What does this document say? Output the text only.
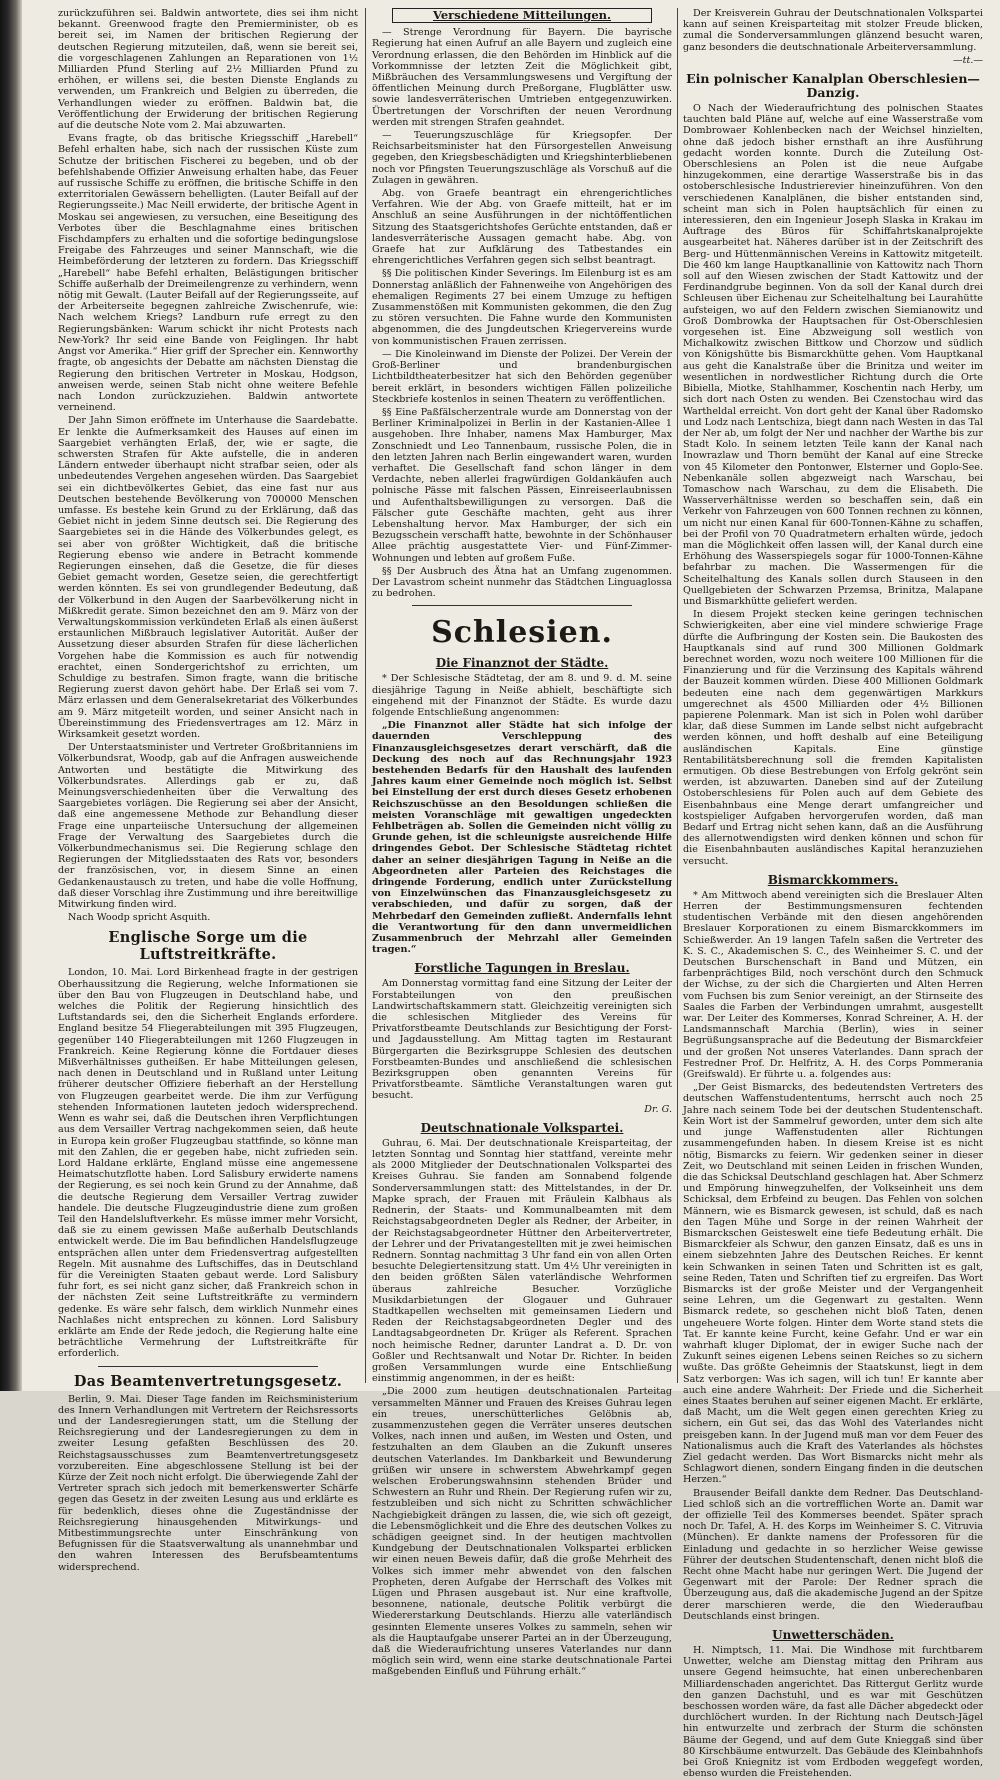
zurückzuführen sei. Baldwin antwortete, dies sei ihm nicht bekannt. Greenwood fragte den Premierminister, ob es bereit sei, im Namen der britischen Regierung der deutschen Regierung mitzuteilen, daß, wenn sie bereit sei, die vorgeschlagenen Zahlungen an Reparationen von 1½ Milliarden Pfund Sterling auf 2½ Milliarden Pfund zu erhöhen, er willens sei, die besten Dienste Englands zu verwenden, um Frankreich und Belgien zu überreden, die Verhandlungen wieder zu eröffnen. Baldwin bat, die Veröffentlichung der Erwiderung der britischen Regierung auf die deutsche Note vom 2. Mai abzuwarten.

Evans fragte, ob das britische Kriegsschiff „Harebell“ Befehl erhalten habe, sich nach der russischen Küste zum Schutze der britischen Fischerei zu begeben, und ob der befehlshabende Offizier Anweisung erhalten habe, das Feuer auf russische Schiffe zu eröffnen, die britische Schiffe in den exterritorialen Gewässern behelligten. (Lauter Beifall auf der Regierungsseite.) Mac Neill erwiderte, der britische Agent in Moskau sei angewiesen, zu versuchen, eine Beseitigung des Verbotes über die Beschlagnahme eines britischen Fischdampfers zu erhalten und die sofortige bedingungslose Freigabe des Fahrzeuges und seiner Mannschaft, wie die Heimbeförderung der letzteren zu fordern. Das Kriegsschiff „Harebell“ habe Befehl erhalten, Belästigungen britischer Schiffe außerhalb der Dreimeilengrenze zu verhindern, wenn nötig mit Gewalt. (Lauter Beifall auf der Regierungsseite, auf der Arbeiterseite begegnen zahlreiche Zwischenrufe, wie: Nach welchem Kriegs? Landburn rufe erregt zu den Regierungsbänken: Warum schickt ihr nicht Protests nach New-York? Ihr seid eine Bande von Feiglingen. Ihr habt Angst vor Amerika.“ Hier griff der Sprecher ein. Kennworthy fragte, ob angesichts der Debatte am nächsten Dienstag die Regierung den britischen Vertreter in Moskau, Hodgson, anweisen werde, seinen Stab nicht ohne weitere Befehle nach London zurückzuziehen. Baldwin antwortete verneinend.

Der Jahn Simon eröffnete im Unterhause die Saardebatte. Er lenkte die Aufmerksamkeit des Hauses auf einen im Saargebiet verhängten Erlaß, der, wie er sagte, die schwersten Strafen für Akte aufstelle, die in anderen Ländern entweder überhaupt nicht strafbar seien, oder als unbedeutendes Vergehen angesehen würden. Das Saargebiet sei ein dichtbevölkertes Gebiet, das eine fast nur aus Deutschen bestehende Bevölkerung von 700000 Menschen umfasse. Es bestehe kein Grund zu der Erklärung, daß das Gebiet nicht in jedem Sinne deutsch sei. Die Regierung des Saargebietes sei in die Hände des Völkerbundes gelegt, es sei aber von größter Wichtigkeit, daß die britische Regierung ebenso wie andere in Betracht kommende Regierungen einsehen, daß die Gesetze, die für dieses Gebiet gemacht worden, Gesetze seien, die gerechtfertigt werden könnten. Es sei von grundlegender Bedeutung, daß der Völkerbund in den Augen der Saarbevölkerung nicht in Mißkredit gerate. Simon bezeichnet den am 9. März von der Verwaltungskommission verkündeten Erlaß als einen äußerst erstaunlichen Mißbrauch legislativer Autorität. Außer der Aussetzung dieser absurden Strafen für diese lächerlichen Vorgehen habe die Kommission es auch für notwendig erachtet, einen Sondergerichtshof zu errichten, um Schuldige zu bestrafen. Simon fragte, wann die britische Regierung zuerst davon gehört habe. Der Erlaß sei vom 7. März erlassen und dem Generalsekretariat des Völkerbundes am 9. März mitgeteilt worden, und seiner Ansicht nach in Übereinstimmung des Friedensvertrages am 12. März in Wirksamkeit gesetzt worden.

Der Unterstaatsminister und Vertreter Großbritanniens im Völkerbundsrat, Woodp, gab auf die Anfragen ausweichende Antworten und bestätigte die Mitwirkung des Völkerbundsrates. Allerdings gab er zu, daß Meinungsverschiedenheiten über die Verwaltung des Saargebietes vorlägen. Die Regierung sei aber der Ansicht, daß eine angemessene Methode zur Behandlung dieser Frage eine unparteiische Untersuchung der allgemeinen Frage der Verwaltung des Saargebietes durch die Völkerbundmechanismus sei. Die Regierung schlage den Regierungen der Mitgliedsstaaten des Rats vor, besonders der französischen, vor, in diesem Sinne an einen Gedankenaustausch zu treten, und habe die volle Hoffnung, daß dieser Vorschlag ihre Zustimmung und ihre bereitwillige Mitwirkung finden wird.

Nach Woodp spricht Asquith.

Englische Sorge um die Luftstreitkräfte.

London, 10. Mai. Lord Birkenhead fragte in der gestrigen Oberhaussitzung die Regierung, welche Informationen sie über den Bau von Flugzeugen in Deutschland habe, und welches die Politik der Regierung hinsichtlich des Luftstandards sei, den die Sicherheit Englands erfordere. England besitze 54 Fliegerabteilungen mit 395 Flugzeugen, gegenüber 140 Fliegerabteilungen mit 1260 Flugzeugen in Frankreich. Keine Regierung könne die Fortdauer dieses Mißverhältnisses gutheißen. Er habe Mitteilungen gelesen, nach denen in Deutschland und in Rußland unter Leitung früherer deutscher Offiziere fieberhaft an der Herstellung von Flugzeugen gearbeitet werde. Die ihm zur Verfügung stehenden Informationen lauteten jedoch widersprechend. Wenn es wahr sei, daß die Deutschen ihren Verpflichtungen aus dem Versailler Vertrag nachgekommen seien, daß heute in Europa kein großer Flugzeugbau stattfinde, so könne man mit den Zahlen, die er gegeben habe, nicht zufrieden sein. Lord Haldane erklärte, England müsse eine angemessene Heimatschutzflotte haben. Lord Salisbury erwiderte namens der Regierung, es sei noch kein Grund zu der Annahme, daß die deutsche Regierung dem Versailler Vertrag zuwider handele. Die deutsche Flugzeugindustrie diene zum großen Teil den Handelsluftverkehr. Es müsse immer mehr Vorsicht, daß sie zu einem gewissen Maße außerhalb Deutschlands entwickelt werde. Die im Bau befindlichen Handelsflugzeuge entsprächen allen unter dem Friedensvertrag aufgestellten Regeln. Mit ausnahme des Luftschiffes, das in Deutschland für die Vereinigten Staaten gebaut werde. Lord Salisbury fuhr fort, es sei nicht ganz sicher, daß Frankreich schon in der nächsten Zeit seine Luftstreitkräfte zu vermindern gedenke. Es wäre sehr falsch, dem wirklich Nunmehr eines Nachlaßes nicht entsprechen zu können. Lord Salisbury erklärte am Ende der Rede jedoch, die Regierung halte eine beträchtliche Vermehrung der Luftstreitkräfte für erforderlich.

Das Beamtenvertretungsgesetz.

Berlin, 9. Mai. Dieser Tage fanden im Reichsministerium des Innern Verhandlungen mit Vertretern der Reichsressorts und der Landesregierungen statt, um die Stellung der Reichsregierung und der Landesregierungen zu dem in zweiter Lesung gefaßten Beschlüssen des 20. Reichstagsausschusses zum Beamtenvertretungsgesetz vorzubereiten. Eine abgeschlossene Stellung ist bei der Kürze der Zeit noch nicht erfolgt. Die überwiegende Zahl der Vertreter sprach sich jedoch mit bemerkenswerter Schärfe gegen das Gesetz in der zweiten Lesung aus und erklärte es für bedenklich, dieses ohne die Zugeständnisse der Reichsregierung hinausgehenden Mitwirkungs- und Mitbestimmungsrechte unter Einschränkung von Befugnissen für die Staatsverwaltung als unannehmbar und den wahren Interessen des Berufsbeamtentums widersprechend.

Verschiedene Mitteilungen.

— Strenge Verordnung für Bayern. Die bayrische Regierung hat einen Aufruf an alle Bayern und zugleich eine Verordnung erlassen, die den Behörden im Hinblick auf die Vorkommnisse der letzten Zeit die Möglichkeit gibt, Mißbräuchen des Versammlungswesens und Vergiftung der öffentlichen Meinung durch Preßorgane, Flugblätter usw. sowie landesverräterischen Umtrieben entgegenzuwirken. Übertretungen der Vorschriften der neuen Verordnung werden mit strengen Strafen geahndet.

— Teuerungszuschläge für Kriegsopfer. Der Reichsarbeitsminister hat den Fürsorgestellen Anweisung gegeben, den Kriegsbeschädigten und Kriegshinterbliebenen noch vor Pfingsten Teuerungszuschläge als Vorschuß auf die Zulagen in gewähren.

Abg. von Graefe beantragt ein ehrengerichtliches Verfahren. Wie der Abg. von Graefe mitteilt, hat er im Anschluß an seine Ausführungen in der nichtöffentlichen Sitzung des Staatsgerichtshofes Gerüchte entstanden, daß er landesverräterische Aussagen gemacht habe. Abg. von Graefe hat zur Aufklärung des Tatbestandes ein ehrengerichtliches Verfahren gegen sich selbst beantragt.

§§ Die politischen Kinder Severings. Im Eilenburg ist es am Donnerstag anläßlich der Fahnenweihe von Angehörigen des ehemaligen Regiments 27 bei einem Umzuge zu heftigen Zusammenstößen mit Kommunisten gekommen, die den Zug zu stören versuchten. Die Fahne wurde den Kommunisten abgenommen, die des Jungdeutschen Kriegervereins wurde von kommunistischen Frauen zerrissen.

— Die Kinoleinwand im Dienste der Polizei. Der Verein der Groß-Berliner und brandenburgischen Lichtbildtheaterbesitzer hat sich den Behörden gegenüber bereit erklärt, in besonders wichtigen Fällen polizeiliche Steckbriefe kostenlos in seinen Theatern zu veröffentlichen.

§§ Eine Paßfälscherzentrale wurde am Donnerstag von der Berliner Kriminalpolizei in Berlin in der Kastanien-Allee 1 ausgehoben. Ihre Inhaber, namens Max Hamburger, Max Zonschniedt und Leo Tannenbaum, russische Polen, die in den letzten Jahren nach Berlin eingewandert waren, wurden verhaftet. Die Gesellschaft fand schon länger in dem Verdachte, neben allerlei fragwürdigen Goldankäufen auch polnische Pässe mit falschen Pässen, Einreiseerlaubnissen und Aufenthaltsbewilligungen zu versorgen. Daß die Fälscher gute Geschäfte machten, geht aus ihrer Lebenshaltung hervor. Max Hamburger, der sich ein Bezugsschein verschafft hatte, bewohnte in der Schönhauser Allee prächtig ausgestattete Vier- und Fünf-Zimmer-Wohnungen und lebten auf großem Fuße.

§§ Der Ausbruch des Ätna hat an Umfang zugenommen. Der Lavastrom scheint nunmehr das Städtchen Linguaglossa zu bedrohen.

Schlesien.
Die Finanznot der Städte.

* Der Schlesische Städtetag, der am 8. und 9. d. M. seine diesjährige Tagung in Neiße abhielt, beschäftigte sich eingehend mit der Finanznot der Städte. Es wurde dazu folgende Entschließung angenommen:

„Die Finanznot aller Städte hat sich infolge der dauernden Verschleppung des Finanzausgleichsgesetzes derart verschärft, daß die Deckung des noch auf das Rechnungsjahr 1923 bestehenden Bedarfs für den Haushalt des laufenden Jahres kaum einer Gemeinde noch möglich ist. Selbst bei Einstellung der erst durch dieses Gesetz erhobenen Reichszuschüsse an den Besoldungen schließen die meisten Voranschläge mit gewaltigen ungedeckten Fehlbeträgen ab. Sollen die Gemeinden nicht völlig zu Grunde gehen, ist die schleunigste ausreichende Hilfe dringendes Gebot. Der Schlesische Städtetag richtet daher an seiner diesjährigen Tagung in Neiße an die Abgeordneten aller Parteien des Reichstages die dringende Forderung, endlich unter Zurückstellung von Einzelwünschen das Finanzausgleichsgesetz zu verabschieden, und dafür zu sorgen, daß der Mehrbedarf den Gemeinden zufließt. Andernfalls lehnt die Verantwortung für den dann unvermeidlichen Zusammenbruch der Mehrzahl aller Gemeinden tragen.“

Forstliche Tagungen in Breslau.

Am Donnerstag vormittag fand eine Sitzung der Leiter der Forstabteilungen von den preußischen Landwirtschaftskammern statt. Gleichzeitig vereinigten sich die schlesischen Mitglieder des Vereins für Privatforstbeamte Deutschlands zur Besichtigung der Forst- und Jagdausstellung. Am Mittag tagten im Restaurant Bürgergarten die Bezirksgruppe Schlesien des deutschen Forstbeamten-Bundes und anschließend die schlesischen Bezirksgruppen oben genannten Vereins für Privatforstbeamte. Sämtliche Veranstaltungen waren gut besucht.

Dr. G.

Deutschnationale Volkspartei.

Guhrau, 6. Mai. Der deutschnationale Kreisparteitag, der letzten Sonntag und Sonntag hier stattfand, vereinte mehr als 2000 Mitglieder der Deutschnationalen Volkspartei des Kreises Guhrau. Sie fanden am Sonnabend folgende Sonderversammlungen statt: des Mittelstandes, in der Dr. Mapke sprach, der Frauen mit Fräulein Kalbhaus als Rednerin, der Staats- und Kommunalbeamten mit dem Reichstagsabgeordneten Degler als Redner, der Arbeiter, in der Reichstagsabgeordneter Hüttner den Arbeitervertreter, der Lehrer und der Privatangestellten mit je zwei heimischen Rednern. Sonntag nachmittag 3 Uhr fand ein von allen Orten besuchte Delegiertensitzung statt. Um 4½ Uhr vereinigten in den beiden größten Sälen vaterländische Wehrformen überaus zahlreiche Besucher. Vorzügliche Musikdarbietungen der Glogauer und Guhrauer Stadtkapellen wechselten mit gemeinsamen Liedern und Reden der Reichstagsabgeordneten Degler und des Landtagsabgeordneten Dr. Krüger als Referent. Sprachen noch heimische Redner, darunter Landrat a. D. Dr. von Goßler und Rechtsanwalt und Notar Dr. Richter. In beiden großen Versammlungen wurde eine Entschließung einstimmig angenommen, in der es heißt:

„Die 2000 zum heutigen deutschnationalen Parteitag versammelten Männer und Frauen des Kreises Guhrau legen ein treues, unerschütterliches Gelöbnis ab, zusammenzustehen gegen die Verräter unseres deutschen Volkes, nach innen und außen, im Westen und Osten, und festzuhalten an dem Glauben an die Zukunft unseres deutschen Vaterlandes. Im Dankbarkeit und Bewunderung grüßen wir unsere in schwerstem Abwehrkampf gegen welschen Eroberungswahnsinn stehenden Brüder und Schwestern an Ruhr und Rhein. Der Regierung rufen wir zu, festzubleiben und sich nicht zu Schritten schwächlicher Nachgiebigkeit drängen zu lassen, die, wie sich oft gezeigt, die Lebensmöglichkeit und die Ehre des deutschen Volkes zu schädigen geeignet sind. In der heutigen machtvollen Kundgebung der Deutschnationalen Volkspartei erblicken wir einen neuen Beweis dafür, daß die große Mehrheit des Volkes sich immer mehr abwendet von den falschen Propheten, deren Aufgabe der Herrschaft des Volkes mit Lügen und Phrasen ausgebaut ist. Nur eine kraftvolle, besonnene, nationale, deutsche Politik verbürgt die Wiedererstarkung Deutschlands. Hierzu alle vaterländisch gesinnten Elemente unseres Volkes zu sammeln, sehen wir als die Hauptaufgabe unserer Partei an in der Überzeugung, daß die Wiederaufrichtung unseres Vaterlandes nur dann möglich sein wird, wenn eine starke deutschnationale Partei maßgebenden Einfluß und Führung erhält.“

Der Kreisverein Guhrau der Deutschnationalen Volkspartei kann auf seinen Kreisparteitag mit stolzer Freude blicken, zumal die Sonderversammlungen glänzend besucht waren, ganz besonders die deutschnationale Arbeiterversammlung.

—tt.—

Ein polnischer Kanalplan Oberschlesien—Danzig.

O Nach der Wiederaufrichtung des polnischen Staates tauchten bald Pläne auf, welche auf eine Wasserstraße vom Dombrowaer Kohlenbecken nach der Weichsel hinzielten, ohne daß jedoch bisher ernsthaft an ihre Ausführung gedacht worden konnte. Durch die Zuteilung Ost-Oberschlesiens an Polen ist die neue Aufgabe hinzugekommen, eine derartige Wasserstraße bis in das ostoberschlesische Industrierevier hineinzuführen. Von den verschiedenen Kanalplänen, die bisher entstanden sind, scheint man sich in Polen hauptsächlich für einen zu interessieren, den ein Ingenieur Joseph Slaska in Krakau im Auftrage des Büros für Schiffahrtskanalprojekte ausgearbeitet hat. Näheres darüber ist in der Zeitschrift des Berg- und Hüttenmännischen Vereins in Kattowitz mitgeteilt. Die 460 km lange Hauptkanallinie von Kattowitz nach Thorn soll auf den Wiesen zwischen der Stadt Kattowitz und der Ferdinandgrube beginnen. Von da soll der Kanal durch drei Schleusen über Eichenau zur Scheitelhaltung bei Laurahütte aufsteigen, wo auf den Feldern zwischen Siemianowitz und Groß Dombrowka der Hauptsachen für Ost-Oberschlesien vorgesehen ist. Eine Abzweigung soll westlich von Michalkowitz zwischen Bittkow und Chorzow und südlich von Königshütte bis Bismarckhütte gehen. Vom Hauptkanal aus geht die Kanalstraße über die Brinitza und weiter im wesentlichen in nordwestlicher Richtung durch die Orte Bibiella, Miotke, Stahlhammer, Koschentin nach Herby, um sich dort nach Osten zu wenden. Bei Czenstochau wird das Wartheldal erreicht. Von dort geht der Kanal über Radomsko und Lodz nach Lentschiza, biegt dann nach Westen in das Tal der Ner ab, um folgt der Ner und nachher der Warthe bis zur Stadt Kolo. In seinem letzten Teile kann der Kanal nach Inowrazlaw und Thorn bemüht der Kanal auf eine Strecke von 45 Kilometer den Pontonwer, Elsterner und Goplo-See. Nebenkanäle sollen abgezweigt nach Warschau, bei Tomaschow nach Warschau, zu dem die Elisabeth. Die Wasserverhältnisse werden so beschaffen sein, daß ein Verkehr von Fahrzeugen von 600 Tonnen rechnen zu können, um nicht nur einen Kanal für 600-Tonnen-Kähne zu schaffen, bei der Profil von 70 Quadratmetern erhalten würde, jedoch man die Möglichkeit offen lassen will, der Kanal durch eine Erhöhung des Wasserspiegels sogar für 1000-Tonnen-Kähne befahrbar zu machen. Die Wassermengen für die Scheitelhaltung des Kanals sollen durch Stauseen in den Quellgebieten der Schwarzen Przemsa, Brinitza, Malapane und Bismarkhütte geliefert werden.

In diesem Projekt stecken keine geringen technischen Schwierigkeiten, aber eine viel mindere schwierige Frage dürfte die Aufbringung der Kosten sein. Die Baukosten des Hauptkanals sind auf rund 300 Millionen Goldmark berechnet worden, wozu noch weitere 100 Millionen für die Finanzierung und für die Verzinsung des Kapitals während der Bauzeit kommen würden. Diese 400 Millionen Goldmark bedeuten eine nach dem gegenwärtigen Markkurs umgerechnet als 4500 Milliarden oder 4½ Billionen papierene Polenmark. Man ist sich in Polen wohl darüber klar, daß diese Summen im Lande selbst nicht aufgebracht werden können, und hofft deshalb auf eine Beteiligung ausländischen Kapitals. Eine günstige Rentabilitätsberechnung soll die fremden Kapitalisten ermutigen. Ob diese Bestrebungen von Erfolg gekrönt sein werden, ist abzuwarten. Daneben sind auf der Zuteilung Ostoberschlesiens für Polen auch auf dem Gebiete des Eisenbahnbaus eine Menge derart umfangreicher und kostspieliger Aufgaben hervorgerufen worden, daß man Bedarf und Ertrag nicht sehen kann, daß an die Ausführung des allernotwendigsten wird denken können und schon für die Eisenbahnbauten ausländisches Kapital heranzuziehen versucht.

Bismarckkommers.

* Am Mittwoch abend vereinigten sich die Breslauer Alten Herren der Bestimmungsmensuren fechtenden studentischen Verbände mit den diesen angehörenden Breslauer Korporationen zu einem Bismarckkommers im Schießwerder. An 19 langen Tafeln saßen die Vertreter des K. S. C., Akademischen S. C., des Weinheimer S. C. und der Deutschen Burschenschaft in Band und Mützen, ein farbenprächtiges Bild, noch verschönt durch den Schmuck der Wichse, zu der sich die Chargierten und Alten Herren vom Fuchsen bis zum Senior vereinigt, an der Stirnseite des Saales die Farben der Verbindungen umrahmt, ausgestellt war. Der Leiter des Kommerses, Konrad Schreiner, A. H. der Landsmannschaft Marchia (Berlin), wies in seiner Begrüßungsansprache auf die Bedeutung der Bismarckfeier und der großen Not unseres Vaterlandes. Dann sprach der Festredner Prof. Dr. Helfritz, A. H. des Corps Pommerania (Greifswald). Er führte u. a. folgendes aus:

„Der Geist Bismarcks, des bedeutendsten Vertreters des deutschen Waffenstudententums, herrscht auch noch 25 Jahre nach seinem Tode bei der deutschen Studentenschaft. Kein Wort ist der Sammelruf geworden, unter dem sich alte und junge Waffenstudenten aller Richtungen zusammengefunden haben. In diesem Kreise ist es nicht nötig, Bismarcks zu feiern. Wir gedenken seiner in dieser Zeit, wo Deutschland mit seinen Leiden in frischen Wunden, die das Schicksal Deutschland geschlagen hat. Aber Schmerz und Empörung hinwegzuhelfen, der Volkseinheit uns dem Schicksal, dem Erbfeind zu beugen. Das Fehlen von solchen Männern, wie es Bismarck gewesen, ist schuld, daß es nach den Tagen Mühe und Sorge in der reinen Wahrheit der Bismarckschen Geisteswelt eine tiefe Bedeutung erhält. Die Bismarckfeier als Schwur, den ganzen Einsatz, daß es uns in einem siebzehnten Jahre des Deutschen Reiches. Er kennt kein Schwanken in seinen Taten und Schritten ist es galt, seine Reden, Taten und Schriften tief zu ergreifen. Das Wort Bismarcks ist der große Meister und der Vergangenheit seine Lehren, um die Gegenwart zu gestalten. Wenn Bismarck redete, so geschehen nicht bloß Taten, denen ungeheuere Worte folgen. Hinter dem Worte stand stets die Tat. Er kannte keine Furcht, keine Gefahr. Und er war ein wahrhaft kluger Diplomat, der in ewiger Suche nach der Zukunft seines eigenen Lebens seinen Reiches so zu sichern wußte. Das größte Geheimnis der Staatskunst, liegt in dem Satz verborgen: Was ich sagen, will ich tun! Er kannte aber auch eine andere Wahrheit: Der Friede und die Sicherheit eines Staates beruhen auf seiner eigenen Macht. Er erklärte, daß Macht, um die Welt gegen einen gerechten Krieg zu sichern, ein Gut sei, das das Wohl des Vaterlandes nicht preisgeben kann. In der Jugend muß man vor dem Feuer des Nationalismus auch die Kraft des Vaterlandes als höchstes Ziel gedacht werden. Das Wort Bismarcks nicht mehr als Schlagwort dienen, sondern Eingang finden in die deutschen Herzen.“

Brausender Beifall dankte dem Redner. Das Deutschland-Lied schloß sich an die vortrefflichen Worte an. Damit war der offizielle Teil des Kommerses beendet. Später sprach noch Dr. Tafel, A. H. des Korps im Weinheimer S. C. Vitruvia (München). Er dankte namens der Professoren für die Einladung und gedachte in so herzlicher Weise gewisse Führer der deutschen Studentenschaft, denen nicht bloß die Recht ohne Macht habe nur geringen Wert. Die Jugend der Gegenwart mit der Parole: Der Redner sprach die Überzeugung aus, daß die akademische Jugend an der Spitze derer marschieren werde, die den Wiederaufbau Deutschlands einst bringen.

Unwetterschäden.

H. Nimptsch, 11. Mai. Die Windhose mit furchtbarem Unwetter, welche am Dienstag mittag den Prihram aus unsere Gegend heimsuchte, hat einen unberechenbaren Milliardenschaden angerichtet. Das Rittergut Gerlitz wurde den ganzen Dachstuhl, und es war mit Geschützen beschossen worden wäre, da fast alle Dächer abgedeckt oder durchlöchert wurden. In der Richtung nach Deutsch-Jägel hin entwurzelte und zerbrach der Sturm die schönsten Bäume der Gegend, und auf dem Gute Knieggaß sind über 80 Kirschbäume entwurzelt. Das Gebäude des Kleinbahnhofs bei Groß Kniegnitz ist vom Erdboden weggefegt worden, ebenso wurden die Freistehenden.
